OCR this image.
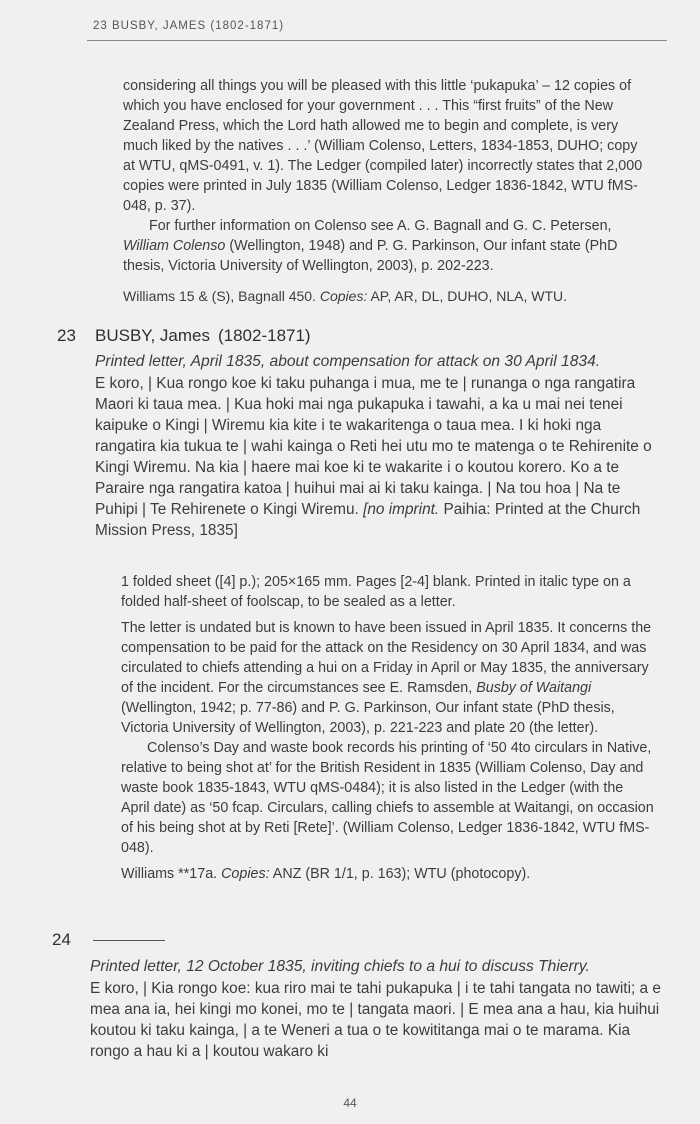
23 BUSBY, JAMES (1802-1871)

considering all things you will be pleased with this little ‘pukapuka’ – 12 copies of which you have enclosed for your government . . . This “first fruits” of the New Zealand Press, which the Lord hath allowed me to begin and complete, is very much liked by the natives . . .’ (William Colenso, Letters, 1834-1853, DUHO; copy at WTU, qMS-0491, v. 1). The Ledger (compiled later) incorrectly states that 2,000 copies were printed in July 1835 (William Colenso, Ledger 1836-1842, WTU fMS-048, p. 37).

For further information on Colenso see A. G. Bagnall and G. C. Petersen, William Colenso (Wellington, 1948) and P. G. Parkinson, Our infant state (PhD thesis, Victoria University of Wellington, 2003), p. 202-223.

Williams 15 & (S), Bagnall 450. Copies: AP, AR, DL, DUHO, NLA, WTU.

23 BUSBY, James (1802-1871)

Printed letter, April 1835, about compensation for attack on 30 April 1834.

E koro, | Kua rongo koe ki taku puhanga i mua, me te | runanga o nga rangatira Maori ki taua mea. | Kua hoki mai nga pukapuka i tawahi, a ka u mai nei tenei kaipuke o Kingi | Wiremu kia kite i te wakaritenga o taua mea. I ki hoki nga rangatira kia tukua te | wahi kainga o Reti hei utu mo te matenga o te Rehirenite o Kingi Wiremu. Na kia | haere mai koe ki te wakarite i o koutou korero. Ko a te Paraire nga rangatira katoa | huihui mai ai ki taku kainga. | Na tou hoa | Na te Puhipi | Te Rehirenete o Kingi Wiremu. [no imprint. Paihia: Printed at the Church Mission Press, 1835]

1 folded sheet ([4] p.); 205×165 mm. Pages [2-4] blank. Printed in italic type on a folded half-sheet of foolscap, to be sealed as a letter.

The letter is undated but is known to have been issued in April 1835. It concerns the compensation to be paid for the attack on the Residency on 30 April 1834, and was circulated to chiefs attending a hui on a Friday in April or May 1835, the anniversary of the incident. For the circumstances see E. Ramsden, Busby of Waitangi (Wellington, 1942; p. 77-86) and P. G. Parkinson, Our infant state (PhD thesis, Victoria University of Wellington, 2003), p. 221-223 and plate 20 (the letter).

Colenso’s Day and waste book records his printing of ‘50 4to circulars in Native, relative to being shot at’ for the British Resident in 1835 (William Colenso, Day and waste book 1835-1843, WTU qMS-0484); it is also listed in the Ledger (with the April date) as ‘50 fcap. Circulars, calling chiefs to assemble at Waitangi, on occasion of his being shot at by Reti [Rete]’. (William Colenso, Ledger 1836-1842, WTU fMS-048).

Williams **17a. Copies: ANZ (BR 1/1, p. 163); WTU (photocopy).

24

Printed letter, 12 October 1835, inviting chiefs to a hui to discuss Thierry.

E koro, | Kia rongo koe: kua riro mai te tahi pukapuka | i te tahi tangata no tawiti; a e mea ana ia, hei kingi mo konei, mo te | tangata maori. | E mea ana a hau, kia huihui koutou ki taku kainga, | a te Weneri a tua o te kowititanga mai o te marama. Kia rongo a hau ki a | koutou wakaro ki

44
